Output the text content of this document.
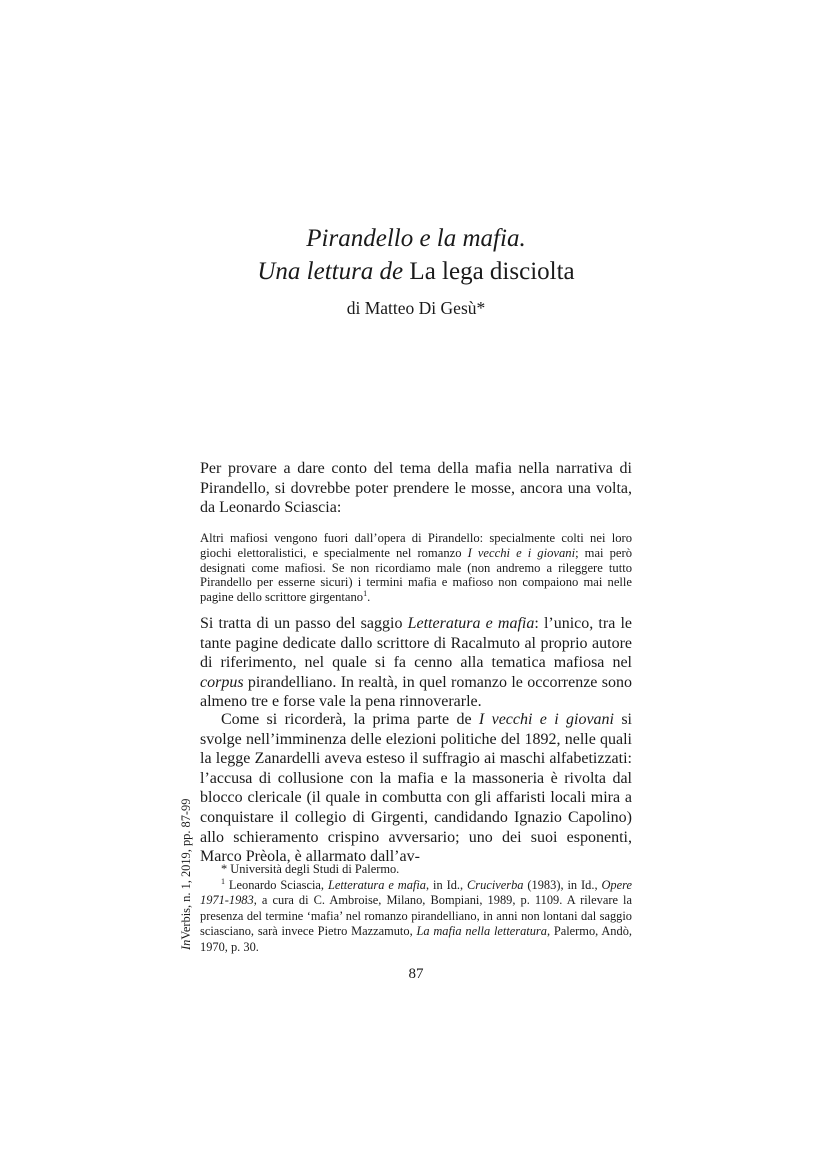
Pirandello e la mafia.
Una lettura de La lega disciolta
di Matteo Di Gesù*

Per provare a dare conto del tema della mafia nella narrativa di Pirandello, si dovrebbe poter prendere le mosse, ancora una volta, da Leonardo Sciascia:

Altri mafiosi vengono fuori dall’opera di Pirandello: specialmente colti nei loro giochi elettoralistici, e specialmente nel romanzo I vecchi e i giovani; mai però designati come mafiosi. Se non ricordiamo male (non andremo a rileggere tutto Pirandello per esserne sicuri) i termini mafia e mafioso non compaiono mai nelle pagine dello scrittore girgentano$^1$.

Si tratta di un passo del saggio Letteratura e mafia: l’unico, tra le tante pagine dedicate dallo scrittore di Racalmuto al proprio autore di riferimento, nel quale si fa cenno alla tematica mafiosa nel corpus pirandelliano. In realtà, in quel romanzo le occorrenze sono almeno tre e forse vale la pena rinnoverarle.

Come si ricorderà, la prima parte de I vecchi e i giovani si svolge nell’imminenza delle elezioni politiche del 1892, nelle quali la legge Zanardelli aveva esteso il suffragio ai maschi alfabetizzati: l’accusa di collusione con la mafia e la massoneria è rivolta dal blocco clericale (il quale in combutta con gli affaristi locali mira a conquistare il collegio di Girgenti, candidando Ignazio Capolino) allo schieramento crispino avversario; uno dei suoi esponenti, Marco Prèola, è allarmato dall’av-

* Università degli Studi di Palermo.

$^1$ Leonardo Sciascia, Letteratura e mafia, in Id., Cruciverba (1983), in Id., Opere 1971-1983, a cura di C. Ambroise, Milano, Bompiani, 1989, p. 1109. A rilevare la presenza del termine ‘mafia’ nel romanzo pirandelliano, in anni non lontani dal saggio sciasciano, sarà invece Pietro Mazzamuto, La mafia nella letteratura, Palermo, Andò, 1970, p. 30.

87
InVerbis, n. 1, 2019, pp. 87-99
